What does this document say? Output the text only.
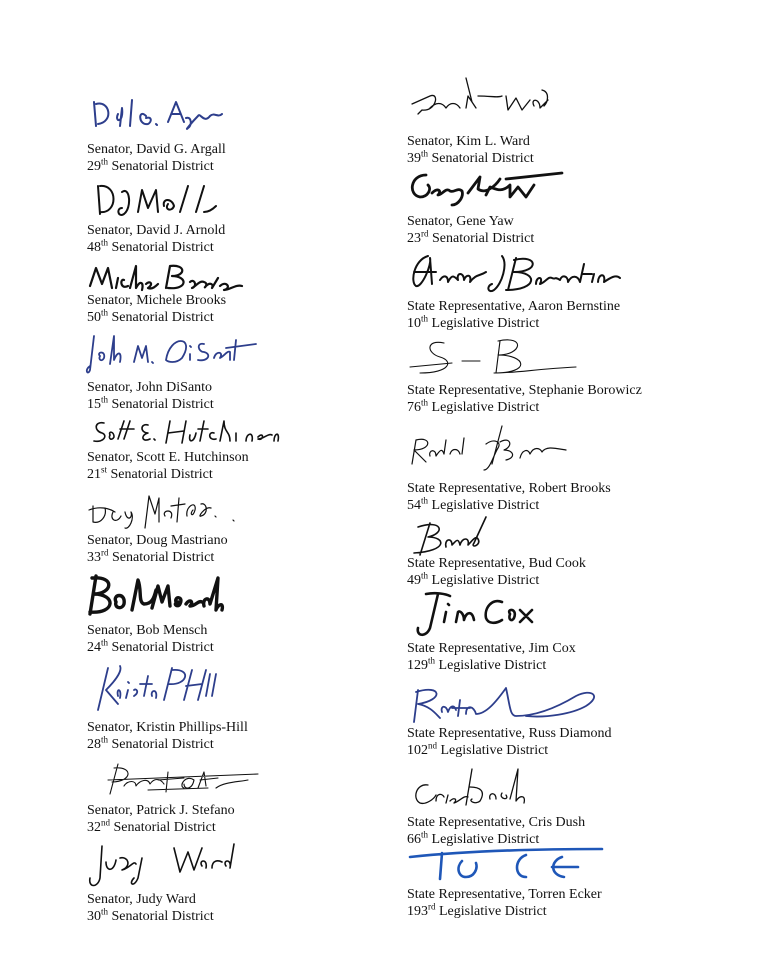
Senator, David G. Argall
29th Senatorial District
Senator, David J. Arnold
48th Senatorial District
Senator, Michele Brooks
50th Senatorial District
Senator, John DiSanto
15th Senatorial District
Senator, Scott E. Hutchinson
21st Senatorial District
Senator, Doug Mastriano
33rd Senatorial District
Senator, Bob Mensch
24th Senatorial District
Senator, Kristin Phillips-Hill
28th Senatorial District
Senator, Patrick J. Stefano
32nd Senatorial District
Senator, Judy Ward
30th Senatorial District
Senator, Kim L. Ward
39th Senatorial District
Senator, Gene Yaw
23rd Senatorial District
State Representative, Aaron Bernstine
10th Legislative District
State Representative, Stephanie Borowicz
76th Legislative District
State Representative, Robert Brooks
54th Legislative District
State Representative, Bud Cook
49th Legislative District
State Representative, Jim Cox
129th Legislative District
State Representative, Russ Diamond
102nd Legislative District
State Representative, Cris Dush
66th Legislative District
State Representative, Torren Ecker
193rd Legislative District
